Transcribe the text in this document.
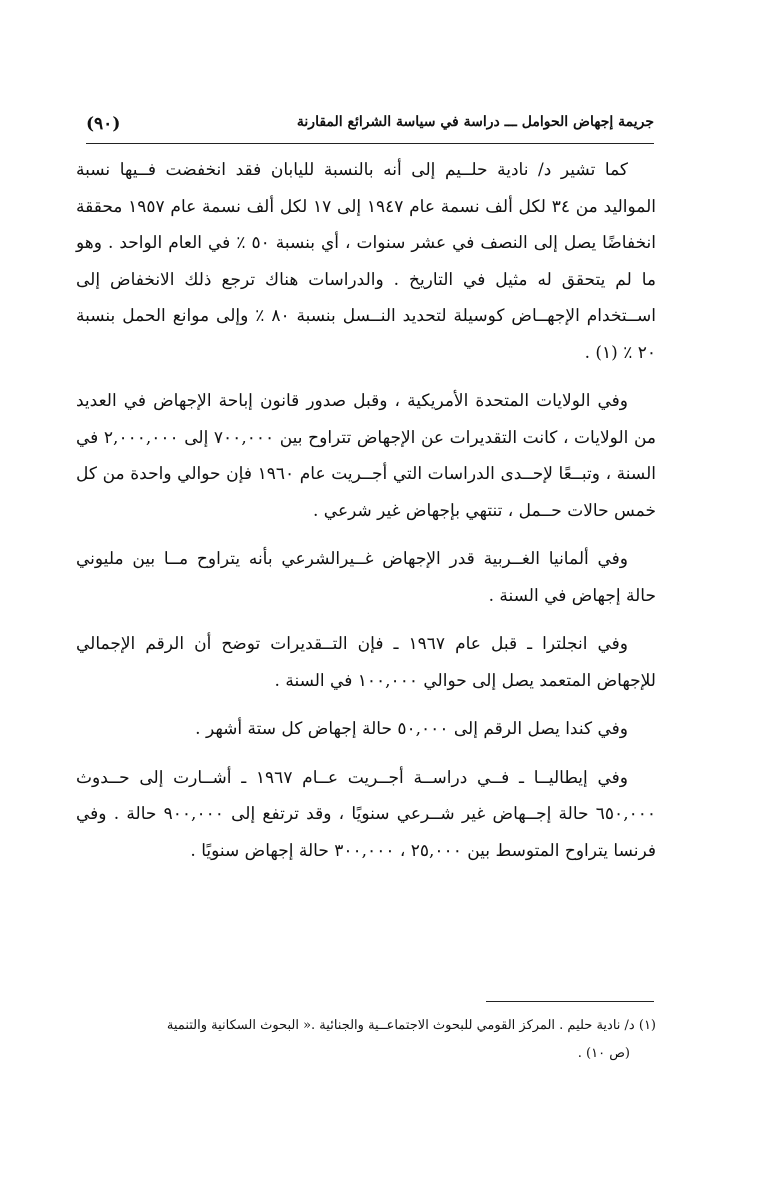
(٩٠)	جريمة إجهاض الحوامل ـــ دراسة في سياسة الشرائع المقارنة

كما تشير د/ نادية حلــيم إلى أنه بالنسبة لليابان فقد انخفضت فــيها نسبة المواليد من ٣٤ لكل ألف نسمة عام ١٩٤٧ إلى ١٧ لكل ألف نسمة عام ١٩٥٧ محققة انخفاضًا يصل إلى النصف في عشر سنوات ، أي بنسبة ٥٠ ٪ في العام الواحد . وهو ما لم يتحقق له مثيل في التاريخ . والدراسات هناك ترجع ذلك الانخفاض إلى اســتخدام الإجهــاض كوسيلة لتحديد النــسل بنسبة ٨٠ ٪ وإلى موانع الحمل بنسبة ٢٠ ٪ (١) .

وفي الولايات المتحدة الأمريكية ، وقبل صدور قانون إباحة الإجهاض في العديد من الولايات ، كانت التقديرات عن الإجهاض تتراوح بين ٧٠٠,٠٠٠ إلى ٢,٠٠٠,٠٠٠ في السنة ، وتبــعًا لإحــدى الدراسات التي أجــريت عام ١٩٦٠ فإن حوالي واحدة من كل خمس حالات حــمل ، تنتهي بإجهاض غير شرعي .

وفي ألمانيا الغــربية قدر الإجهاض غــيرالشرعي بأنه يتراوح مــا بين مليوني حالة إجهاض في السنة .

وفي انجلترا ـ قبل عام ١٩٦٧ ـ فإن التــقديرات توضح أن الرقم الإجمالي للإجهاض المتعمد يصل إلى حوالي ١٠٠,٠٠٠ في السنة .

وفي كندا يصل الرقم إلى ٥٠,٠٠٠ حالة إجهاض كل ستة أشهر .

وفي إيطاليــا ـ فــي دراســة أجــريت عــام ١٩٦٧ ـ أشــارت إلى حــدوث ٦٥٠,٠٠٠ حالة إجــهاض غير شــرعي سنويًا ، وقد ترتفع إلى ٩٠٠,٠٠٠ حالة . وفي فرنسا يتراوح المتوسط بين ٢٥,٠٠٠ ، ٣٠٠,٠٠٠ حالة إجهاض سنويًا .

(١) د/ نادية حليم . المركز القومي للبحوث الاجتماعــية والجنائية .« البحوث السكانية والتنمية

(ص ١٠) .
